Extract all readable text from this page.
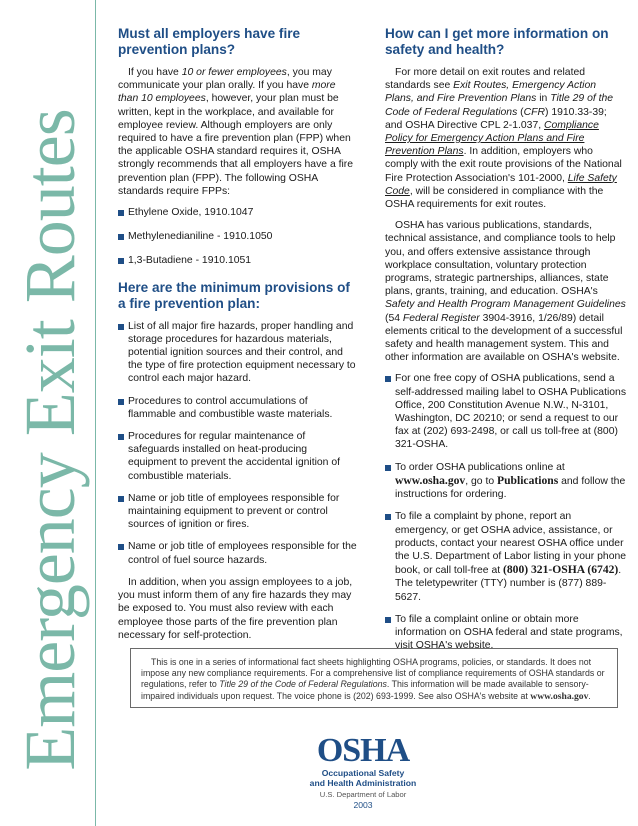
Emergency Exit Routes
Must all employers have fire prevention plans?

If you have 10 or fewer employees, you may communicate your plan orally. If you have more than 10 employees, however, your plan must be written, kept in the workplace, and available for employee review. Although employers are only required to have a fire prevention plan (FPP) when the applicable OSHA standard requires it, OSHA strongly recommends that all employers have a fire prevention plan (FPP). The following OSHA standards require FPPs:

Ethylene Oxide, 1910.1047
Methylenedianiline - 1910.1050
1,3-Butadiene - 1910.1051
Here are the minimum provisions of a fire prevention plan:
List of all major fire hazards, proper handling and storage procedures for hazardous materials, potential ignition sources and their control, and the type of fire protection equipment necessary to control each major hazard.
Procedures to control accumulations of flammable and combustible waste materials.
Procedures for regular maintenance of safeguards installed on heat-producing equipment to prevent the accidental ignition of combustible materials.
Name or job title of employees responsible for maintaining equipment to prevent or control sources of ignition or fires.
Name or job title of employees responsible for the control of fuel source hazards.

In addition, when you assign employees to a job, you must inform them of any fire hazards they may be exposed to. You must also review with each employee those parts of the fire prevention plan necessary for self-protection.

How can I get more information on safety and health?

For more detail on exit routes and related standards see Exit Routes, Emergency Action Plans, and Fire Prevention Plans in Title 29 of the Code of Federal Regulations (CFR) 1910.33-39; and OSHA Directive CPL 2-1.037, Compliance Policy for Emergency Action Plans and Fire Prevention Plans. In addition, employers who comply with the exit route provisions of the National Fire Protection Association's 101-2000, Life Safety Code, will be considered in compliance with the OSHA requirements for exit routes.

OSHA has various publications, standards, technical assistance, and compliance tools to help you, and offers extensive assistance through workplace consultation, voluntary protection programs, strategic partnerships, alliances, state plans, grants, training, and education. OSHA's Safety and Health Program Management Guidelines (54 Federal Register 3904-3916, 1/26/89) detail elements critical to the development of a successful safety and health management system. This and other information are available on OSHA's website.

For one free copy of OSHA publications, send a self-addressed mailing label to OSHA Publications Office, 200 Constitution Avenue N.W., N-3101, Washington, DC 20210; or send a request to our fax at (202) 693-2498, or call us toll-free at (800) 321-OSHA.
To order OSHA publications online at www.osha.gov, go to Publications and follow the instructions for ordering.
To file a complaint by phone, report an emergency, or get OSHA advice, assistance, or products, contact your nearest OSHA office under the U.S. Department of Labor listing in your phone book, or call toll-free at (800) 321-OSHA (6742). The teletypewriter (TTY) number is (877) 889-5627.
To file a complaint online or obtain more information on OSHA federal and state programs, visit OSHA's website.

This is one in a series of informational fact sheets highlighting OSHA programs, policies, or standards. It does not impose any new compliance requirements. For a comprehensive list of compliance requirements of OSHA standards or regulations, refer to Title 29 of the Code of Federal Regulations. This information will be made available to sensory-impaired individuals upon request. The voice phone is (202) 693-1999. See also OSHA's website at www.osha.gov.

OSHA
Occupational Safety
and Health Administration
U.S. Department of Labor
2003
